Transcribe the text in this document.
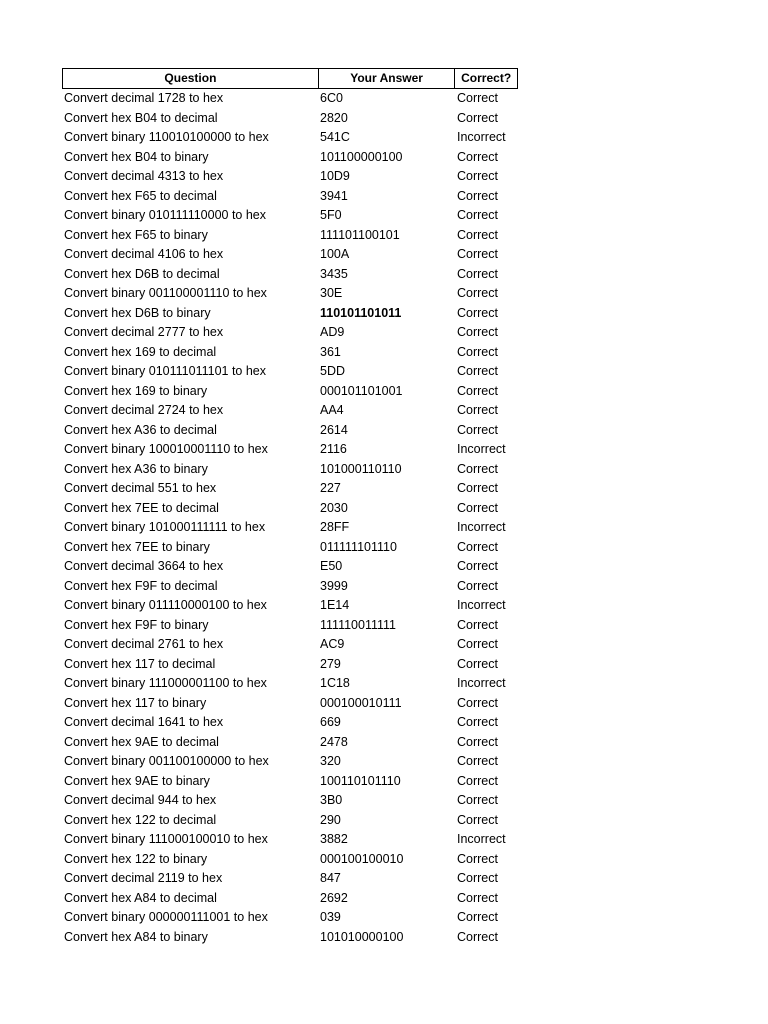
Question	Your Answer	Correct?
Convert decimal 1728 to hex	6C0	Correct
Convert hex B04 to decimal	2820	Correct
Convert binary 110010100000 to hex	541C	Incorrect
Convert hex B04 to binary	101100000100	Correct
Convert decimal 4313 to hex	10D9	Correct
Convert hex F65 to decimal	3941	Correct
Convert binary 010111110000 to hex	5F0	Correct
Convert hex F65 to binary	111101100101	Correct
Convert decimal 4106 to hex	100A	Correct
Convert hex D6B to decimal	3435	Correct
Convert binary 001100001110 to hex	30E	Correct
Convert hex D6B to binary	110101101011	Correct
Convert decimal 2777 to hex	AD9	Correct
Convert hex 169 to decimal	361	Correct
Convert binary 010111011101 to hex	5DD	Correct
Convert hex 169 to binary	000101101001	Correct
Convert decimal 2724 to hex	AA4	Correct
Convert hex A36 to decimal	2614	Correct
Convert binary 100010001110 to hex	2116	Incorrect
Convert hex A36 to binary	101000110110	Correct
Convert decimal 551 to hex	227	Correct
Convert hex 7EE to decimal	2030	Correct
Convert binary 101000111111 to hex	28FF	Incorrect
Convert hex 7EE to binary	011111101110	Correct
Convert decimal 3664 to hex	E50	Correct
Convert hex F9F to decimal	3999	Correct
Convert binary 011110000100 to hex	1E14	Incorrect
Convert hex F9F to binary	111110011111	Correct
Convert decimal 2761 to hex	AC9	Correct
Convert hex 117 to decimal	279	Correct
Convert binary 111000001100 to hex	1C18	Incorrect
Convert hex 117 to binary	000100010111	Correct
Convert decimal 1641 to hex	669	Correct
Convert hex 9AE to decimal	2478	Correct
Convert binary 001100100000 to hex	320	Correct
Convert hex 9AE to binary	100110101110	Correct
Convert decimal 944 to hex	3B0	Correct
Convert hex 122 to decimal	290	Correct
Convert binary 111000100010 to hex	3882	Incorrect
Convert hex 122 to binary	000100100010	Correct
Convert decimal 2119 to hex	847	Correct
Convert hex A84 to decimal	2692	Correct
Convert binary 000000111001 to hex	039	Correct
Convert hex A84 to binary	101010000100	Correct
